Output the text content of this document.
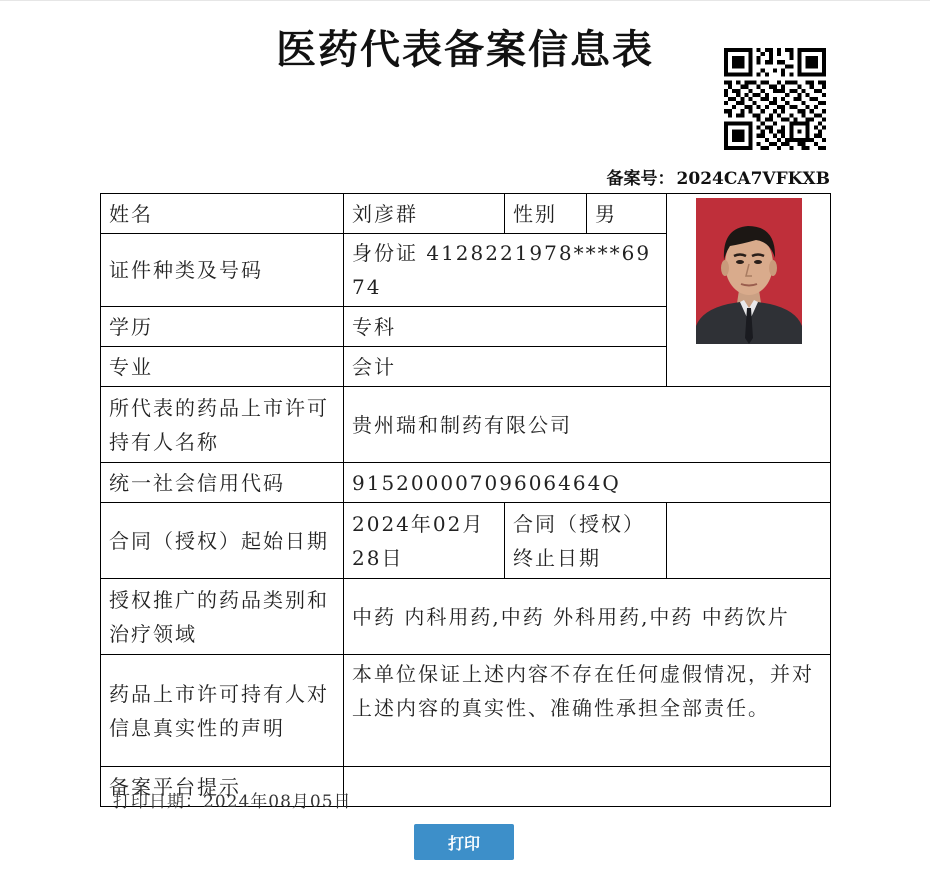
医药代表备案信息表
备案号： 2024CA7VFKXB
姓名	刘彦群	性别	男	

证件种类及号码	身份证 4128221978****6974			
学历	专科			
专业	会计			
所代表的药品上市许可持有人名称	贵州瑞和制药有限公司			
统一社会信用代码	91520000709606464Q			
合同（授权）起始日期	2024年02月28日	合同（授权）终止日期		
授权推广的药品类别和治疗领域	中药 内科用药,中药 外科用药,中药 中药饮片			
药品上市许可持有人对信息真实性的声明	本单位保证上述内容不存在任何虚假情况，并对上述内容的真实性、准确性承担全部责任。			
备案平台提示				
打印日期：2024年08月05日
打印
